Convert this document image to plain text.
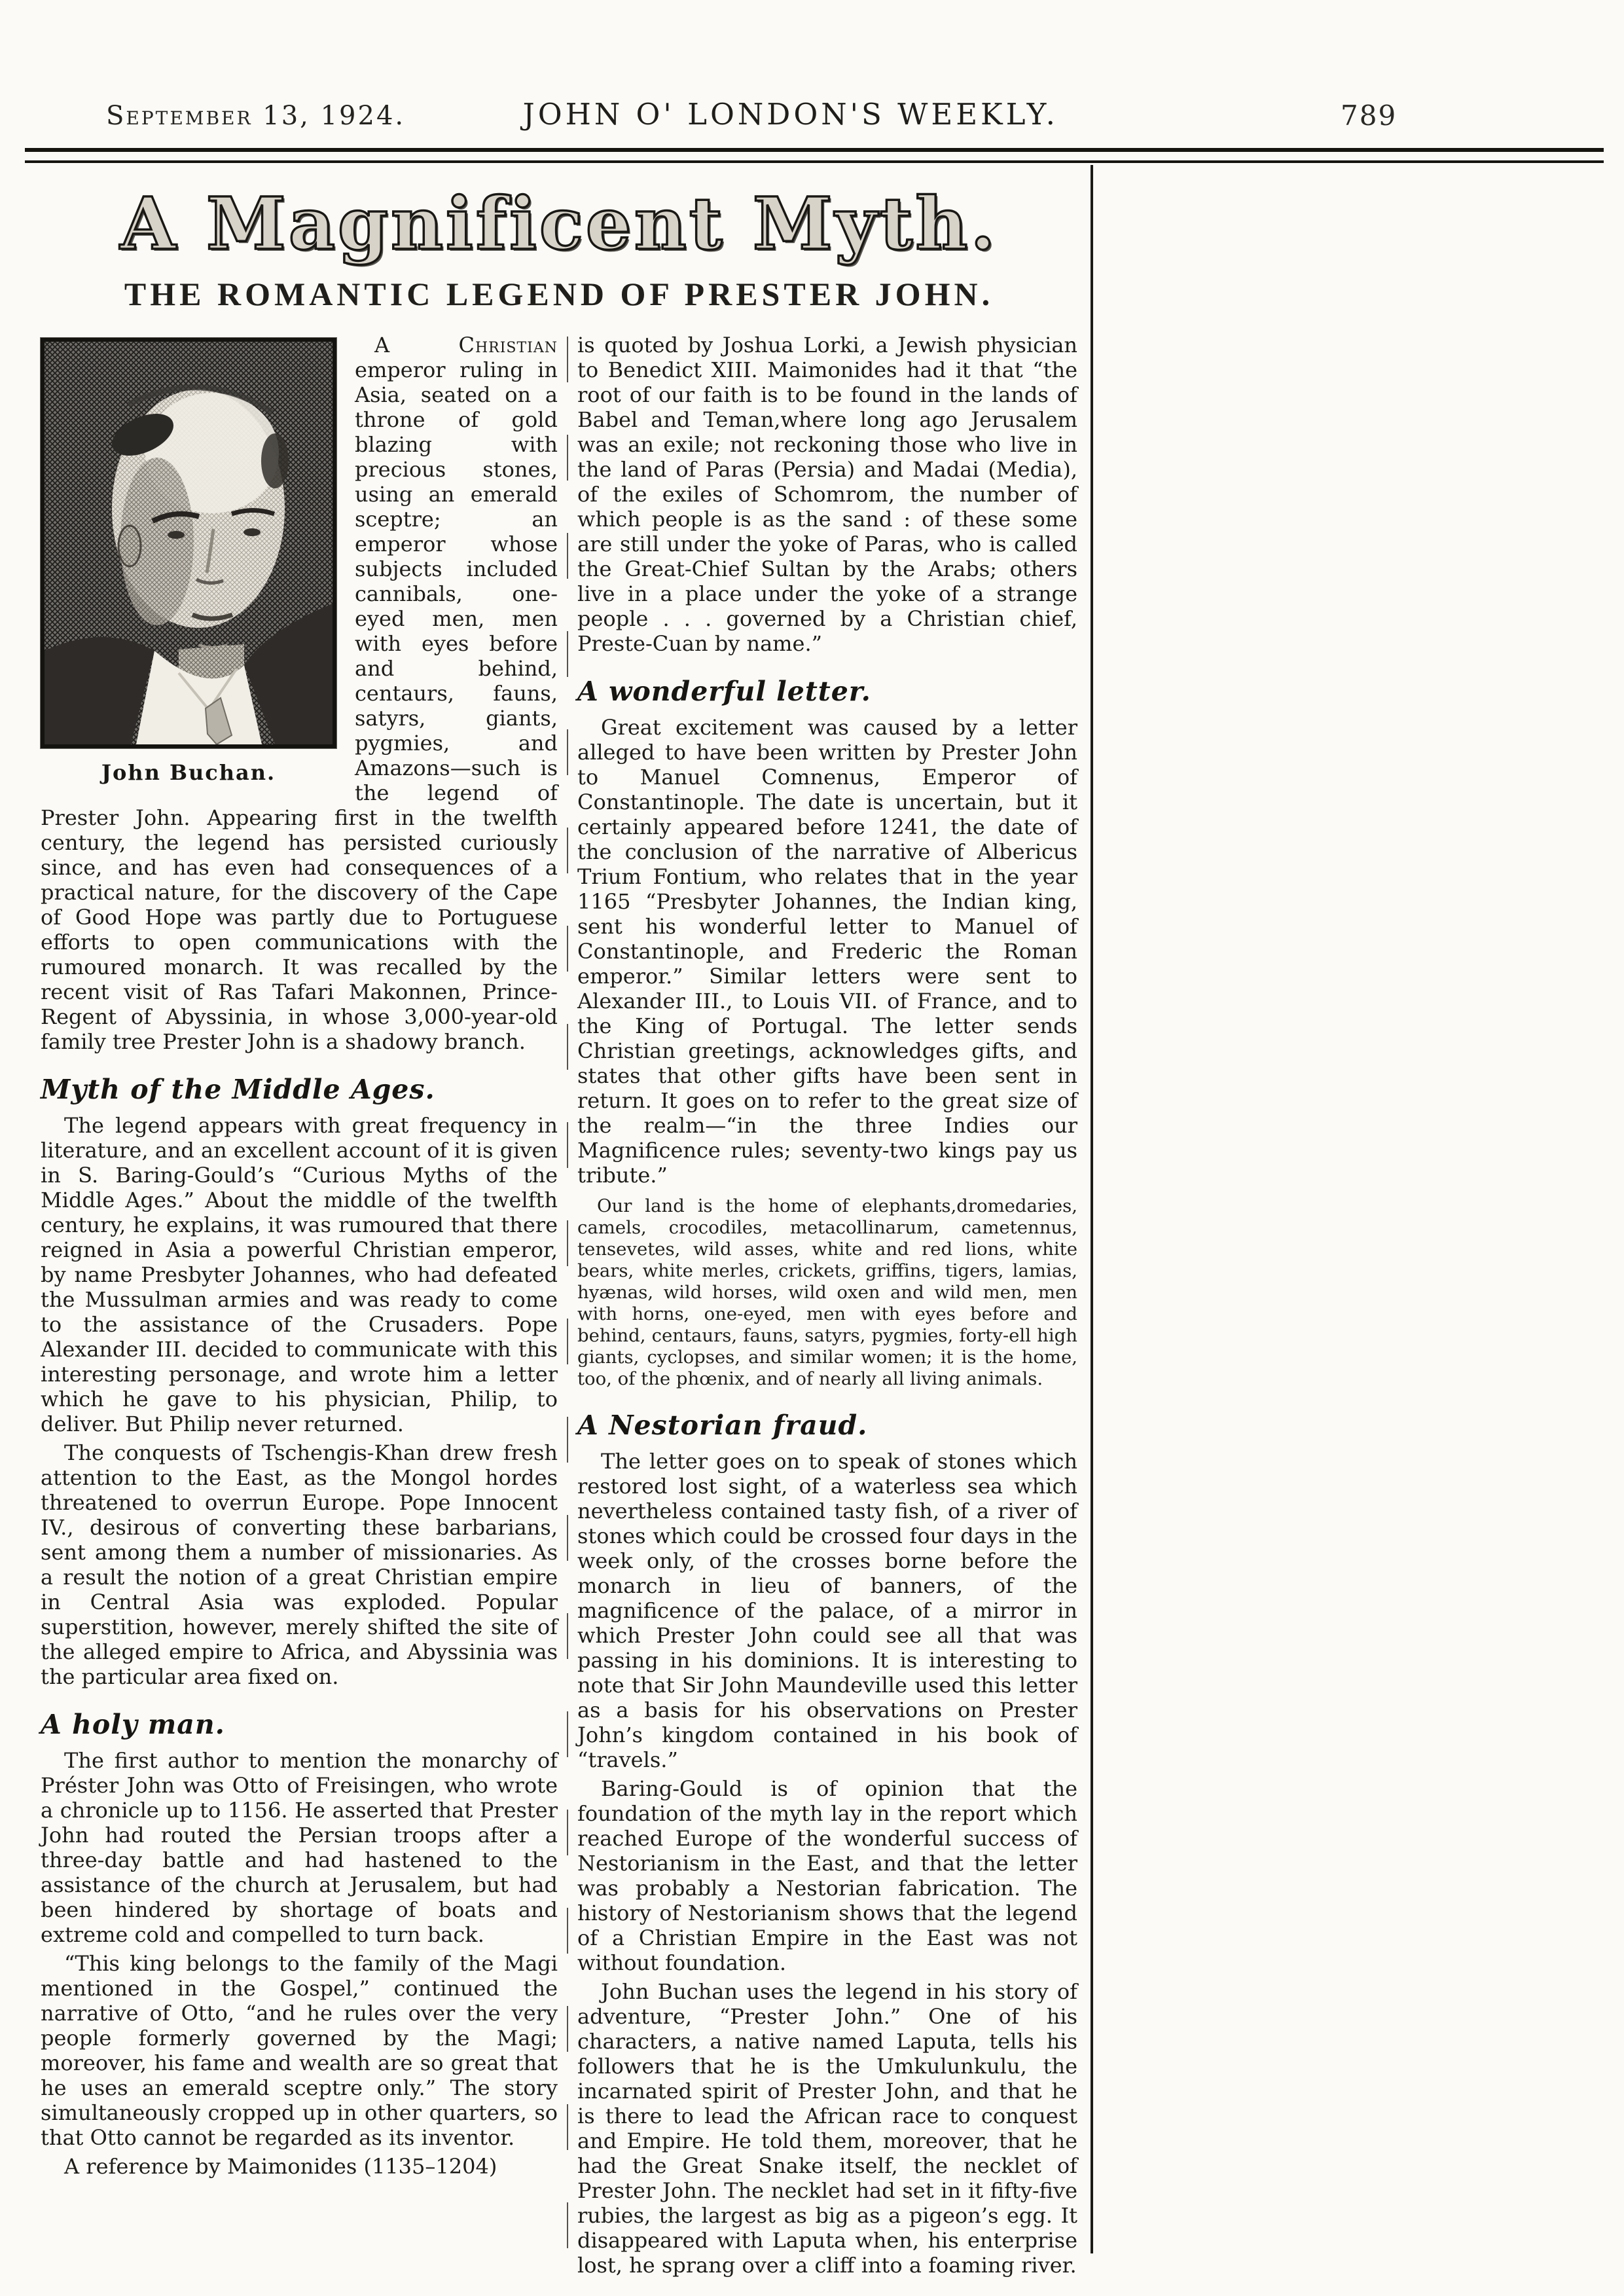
September 13, 1924.	JOHN O' LONDON'S WEEKLY.	789
A Magnificent Myth.
THE ROMANTIC LEGEND OF PRESTER JOHN.
John Buchan.

A Christian emperor ruling in Asia, seated on a throne of gold blazing with precious stones, using an emerald sceptre; an emperor whose subjects included cannibals, one-eyed men, men with eyes before and behind, centaurs, fauns, satyrs, giants, pygmies, and Amazons—such is the legend of Prester John. Appearing first in the twelfth century, the legend has persisted curiously since, and has even had consequences of a practical nature, for the discovery of the Cape of Good Hope was partly due to Portuguese efforts to open communications with the rumoured monarch. It was recalled by the recent visit of Ras Tafari Makonnen, Prince-Regent of Abyssinia, in whose 3,000-year-old family tree Prester John is a shadowy branch.

Myth of the Middle Ages.

The legend appears with great frequency in literature, and an excellent account of it is given in S. Baring-Gould’s “Curious Myths of the Middle Ages.” About the middle of the twelfth century, he explains, it was rumoured that there reigned in Asia a powerful Christian emperor, by name Presbyter Johannes, who had defeated the Mussulman armies and was ready to come to the assistance of the Crusaders. Pope Alexander III. decided to communicate with this interesting personage, and wrote him a letter which he gave to his physician, Philip, to deliver. But Philip never returned.

The conquests of Tschengis-Khan drew fresh attention to the East, as the Mongol hordes threatened to overrun Europe. Pope Innocent IV., desirous of converting these barbarians, sent among them a number of missionaries. As a result the notion of a great Christian empire in Central Asia was exploded. Popular superstition, however, merely shifted the site of the alleged empire to Africa, and Abyssinia was the particular area fixed on.

A holy man.

The first author to mention the monarchy of Préster John was Otto of Freisingen, who wrote a chronicle up to 1156. He asserted that Prester John had routed the Persian troops after a three-day battle and had hastened to the assistance of the church at Jerusalem, but had been hindered by shortage of boats and extreme cold and compelled to turn back.

“This king belongs to the family of the Magi mentioned in the Gospel,” continued the narrative of Otto, “and he rules over the very people formerly governed by the Magi; moreover, his fame and wealth are so great that he uses an emerald sceptre only.” The story simultaneously cropped up in other quarters, so that Otto cannot be regarded as its inventor.

A reference by Maimonides (1135–1204)

is quoted by Joshua Lorki, a Jewish physician to Benedict XIII. Maimonides had it that “the root of our faith is to be found in the lands of Babel and Teman,where long ago Jerusalem was an exile; not reckoning those who live in the land of Paras (Persia) and Madai (Media), of the exiles of Schomrom, the number of which people is as the sand : of these some are still under the yoke of Paras, who is called the Great-Chief Sultan by the Arabs; others live in a place under the yoke of a strange people . . . governed by a Christian chief, Preste-Cuan by name.”

A wonderful letter.

Great excitement was caused by a letter alleged to have been written by Prester John to Manuel Comnenus, Emperor of Constantinople. The date is uncertain, but it certainly appeared before 1241, the date of the conclusion of the narrative of Albericus Trium Fontium, who relates that in the year 1165 “Presbyter Johannes, the Indian king, sent his wonderful letter to Manuel of Constantinople, and Frederic the Roman emperor.” Similar letters were sent to Alexander III., to Louis VII. of France, and to the King of Portugal. The letter sends Christian greetings, acknowledges gifts, and states that other gifts have been sent in return. It goes on to refer to the great size of the realm—“in the three Indies our Magnificence rules; seventy-two kings pay us tribute.”

Our land is the home of elephants,dromedaries, camels, crocodiles, metacollinarum, cametennus, tensevetes, wild asses, white and red lions, white bears, white merles, crickets, griffins, tigers, lamias, hyænas, wild horses, wild oxen and wild men, men with horns, one-eyed, men with eyes before and behind, centaurs, fauns, satyrs, pygmies, forty-ell high giants, cyclopses, and similar women; it is the home, too, of the phœnix, and of nearly all living animals.

A Nestorian fraud.

The letter goes on to speak of stones which restored lost sight, of a waterless sea which nevertheless contained tasty fish, of a river of stones which could be crossed four days in the week only, of the crosses borne before the monarch in lieu of banners, of the magnificence of the palace, of a mirror in which Prester John could see all that was passing in his dominions. It is interesting to note that Sir John Maundeville used this letter as a basis for his observations on Prester John’s kingdom contained in his book of “travels.”

Baring-Gould is of opinion that the foundation of the myth lay in the report which reached Europe of the wonderful success of Nestorianism in the East, and that the letter was probably a Nestorian fabrication. The history of Nestorianism shows that the legend of a Christian Empire in the East was not without foundation.

John Buchan uses the legend in his story of adventure, “Prester John.” One of his characters, a native named Laputa, tells his followers that he is the Umkulunkulu, the incarnated spirit of Prester John, and that he is there to lead the African race to conquest and Empire. He told them, moreover, that he had the Great Snake itself, the necklet of Prester John. The necklet had set in it fifty-five rubies, the largest as big as a pigeon’s egg. It disappeared with Laputa when, his enterprise lost, he sprang over a cliff into a foaming river.
